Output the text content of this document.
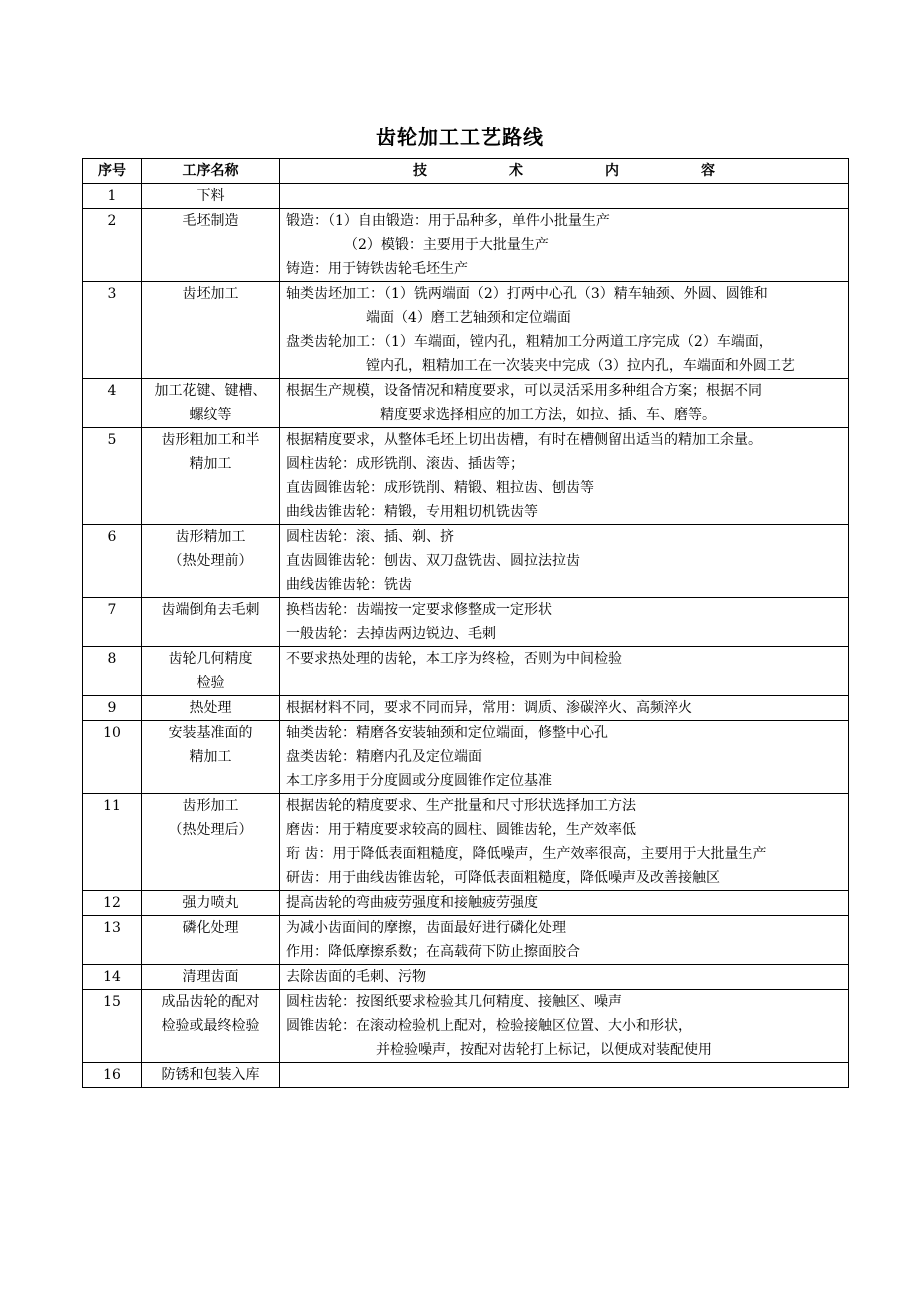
齿轮加工工艺路线
序号	工序名称	技 术 内 容
1	下料	

2	毛坯制造	锻造：（1）自由锻造：用于品种多，单件小批量生产
（2）模锻：主要用于大批量生产
铸造：用于铸铁齿轮毛坯生产

3	齿坯加工	轴类齿坯加工：（1）铣两端面（2）打两中心孔（3）精车轴颈、外圆、圆锥和
端面（4）磨工艺轴颈和定位端面
盘类齿轮加工：（1）车端面，镗内孔，粗精加工分两道工序完成（2）车端面，
镗内孔，粗精加工在一次装夹中完成（3）拉内孔，车端面和外圆工艺

4	加工花键、键槽、
螺纹等	根据生产规模，设备情况和精度要求，可以灵活采用多种组合方案；根据不同
精度要求选择相应的加工方法，如拉、插、车、磨等。

5	齿形粗加工和半
精加工	根据精度要求，从整体毛坯上切出齿槽，有时在槽侧留出适当的精加工余量。
圆柱齿轮：成形铣削、滚齿、插齿等；
直齿圆锥齿轮：成形铣削、精锻、粗拉齿、刨齿等
曲线齿锥齿轮：精锻，专用粗切机铣齿等

6	齿形精加工
（热处理前）	圆柱齿轮：滚、插、剃、挤
直齿圆锥齿轮：刨齿、双刀盘铣齿、圆拉法拉齿
曲线齿锥齿轮：铣齿

7	齿端倒角去毛刺	换档齿轮：齿端按一定要求修整成一定形状
一般齿轮：去掉齿两边锐边、毛刺

8	齿轮几何精度
检验	不要求热处理的齿轮，本工序为终检，否则为中间检验

9	热处理	根据材料不同，要求不同而异，常用：调质、渗碳淬火、高频淬火

10	安装基准面的
精加工	轴类齿轮：精磨各安装轴颈和定位端面，修整中心孔
盘类齿轮：精磨内孔及定位端面
本工序多用于分度圆或分度圆锥作定位基准

11	齿形加工
（热处理后）	根据齿轮的精度要求、生产批量和尺寸形状选择加工方法
磨齿：用于精度要求较高的圆柱、圆锥齿轮，生产效率低
珩 齿：用于降低表面粗糙度，降低噪声，生产效率很高，主要用于大批量生产
研齿：用于曲线齿锥齿轮，可降低表面粗糙度，降低噪声及改善接触区

12	强力喷丸	提高齿轮的弯曲疲劳强度和接触疲劳强度

13	磷化处理	为减小齿面间的摩擦，齿面最好进行磷化处理
作用：降低摩擦系数；在高载荷下防止擦面胶合

14	清理齿面	去除齿面的毛刺、污物

15	成品齿轮的配对
检验或最终检验	圆柱齿轮：按图纸要求检验其几何精度、接触区、噪声
圆锥齿轮：在滚动检验机上配对，检验接触区位置、大小和形状，
并检验噪声，按配对齿轮打上标记，以便成对装配使用

16	防锈和包装入库	
